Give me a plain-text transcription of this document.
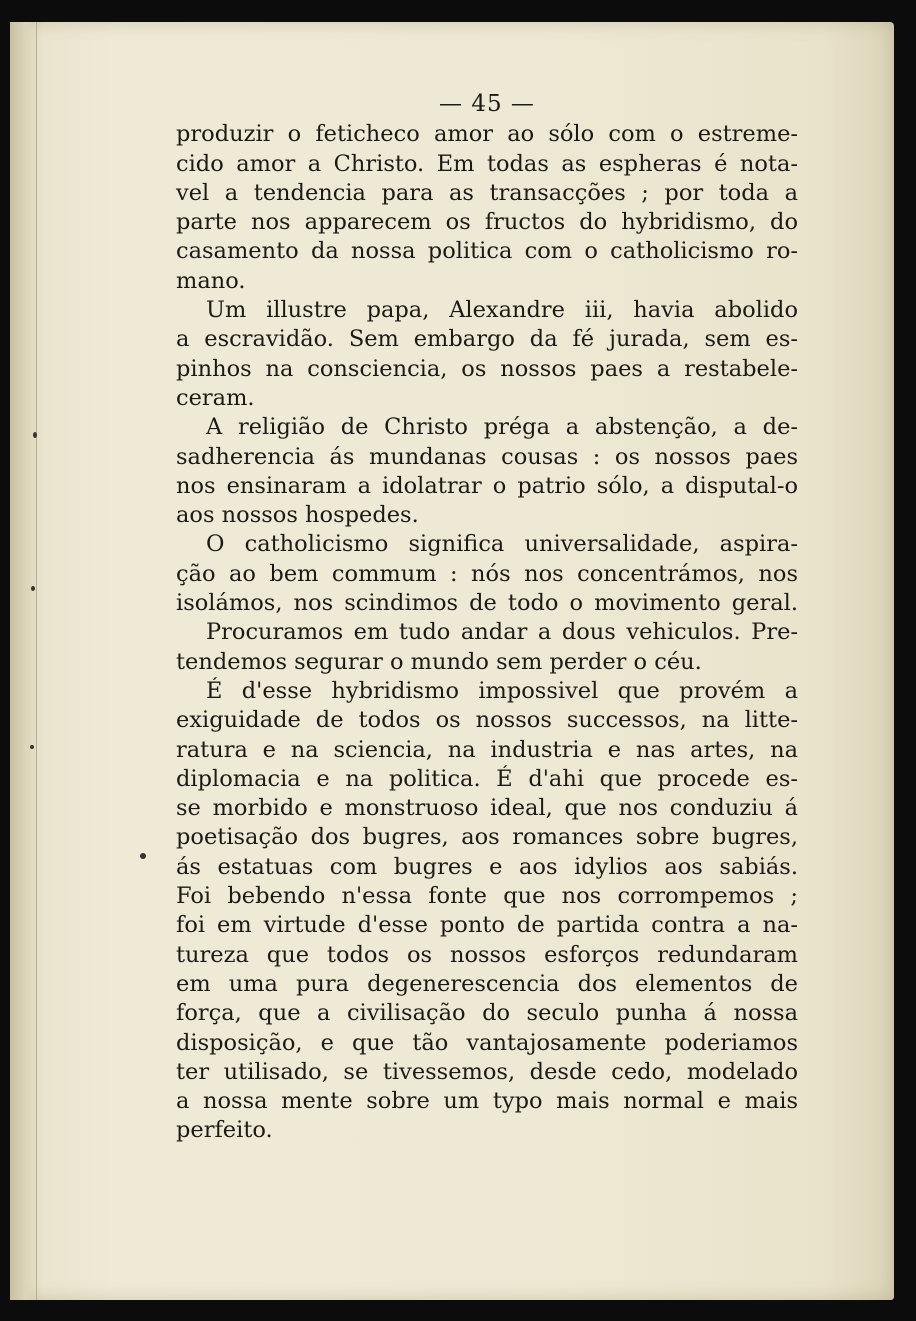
— 45 —
produzir o feticheco amor ao sólo com o estreme-
cido amor a Christo. Em todas as espheras é nota-
vel a tendencia para as transacções ; por toda a
parte nos apparecem os fructos do hybridismo, do
casamento da nossa politica com o catholicismo ro-
mano.
Um illustre papa, Alexandre iii, havia abolido
a escravidão. Sem embargo da fé jurada, sem es-
pinhos na consciencia, os nossos paes a restabele-
ceram.
A religião de Christo préga a abstenção, a de-
sadherencia ás mundanas cousas : os nossos paes
nos ensinaram a idolatrar o patrio sólo, a disputal-o
aos nossos hospedes.
O catholicismo significa universalidade, aspira-
ção ao bem commum : nós nos concentrámos, nos
isolámos, nos scindimos de todo o movimento geral.
Procuramos em tudo andar a dous vehiculos. Pre-
tendemos segurar o mundo sem perder o céu.
É d'esse hybridismo impossivel que provém a
exiguidade de todos os nossos successos, na litte-
ratura e na sciencia, na industria e nas artes, na
diplomacia e na politica. É d'ahi que procede es-
se morbido e monstruoso ideal, que nos conduziu á
poetisação dos bugres, aos romances sobre bugres,
ás estatuas com bugres e aos idylios aos sabiás.
Foi bebendo n'essa fonte que nos corrompemos ;
foi em virtude d'esse ponto de partida contra a na-
tureza que todos os nossos esforços redundaram
em uma pura degenerescencia dos elementos de
força, que a civilisação do seculo punha á nossa
disposição, e que tão vantajosamente poderiamos
ter utilisado, se tivessemos, desde cedo, modelado
a nossa mente sobre um typo mais normal e mais
perfeito.
